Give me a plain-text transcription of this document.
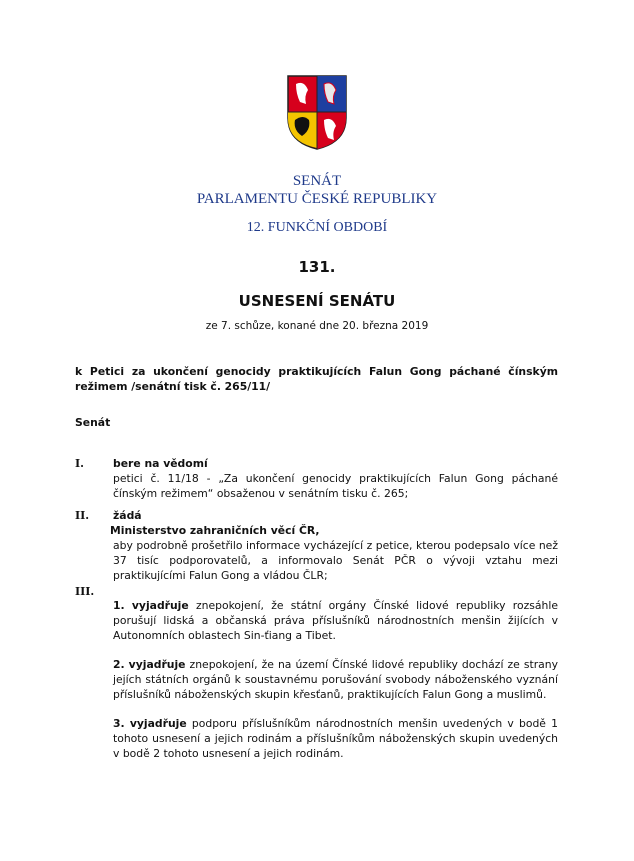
SENÁT
PARLAMENTU ČESKÉ REPUBLIKY
12. FUNKČNÍ OBDOBÍ
131.
USNESENÍ SENÁTU
ze 7. schůze, konané dne 20. března 2019
k Petici za ukončení genocidy praktikujících Falun Gong páchané čínským režimem /senátní tisk č. 265/11/
Senát
I.	bere na vědomí
petici č. 11/18 - „Za ukončení genocidy praktikujících Falun Gong páchané čínským režimem“ obsaženou v senátním tisku č. 265;
II. žádá
Ministerstvo zahraničních věcí ČR,
aby podrobně prošetřilo informace vycházející z petice, kterou podepsalo více než 37 tisíc podporovatelů, a informovalo Senát PČR o vývoji vztahu mezi praktikujícími Falun Gong a vládou ČLR;
III.

1. vyjadřuje znepokojení, že státní orgány Čínské lidové republiky rozsáhle porušují lidská a občanská práva příslušníků národnostních menšin žijících v Autonomních oblastech Sin-ťiang a Tibet.

2. vyjadřuje znepokojení, že na území Čínské lidové republiky dochází ze strany jejích státních orgánů k soustavnému porušování svobody náboženského vyznání příslušníků náboženských skupin křesťanů, praktikujících Falun Gong a muslimů.

3. vyjadřuje podporu příslušníkům národnostních menšin uvedených v bodě 1 tohoto usnesení a jejich rodinám a příslušníkům náboženských skupin uvedených v bodě 2 tohoto usnesení a jejich rodinám.
